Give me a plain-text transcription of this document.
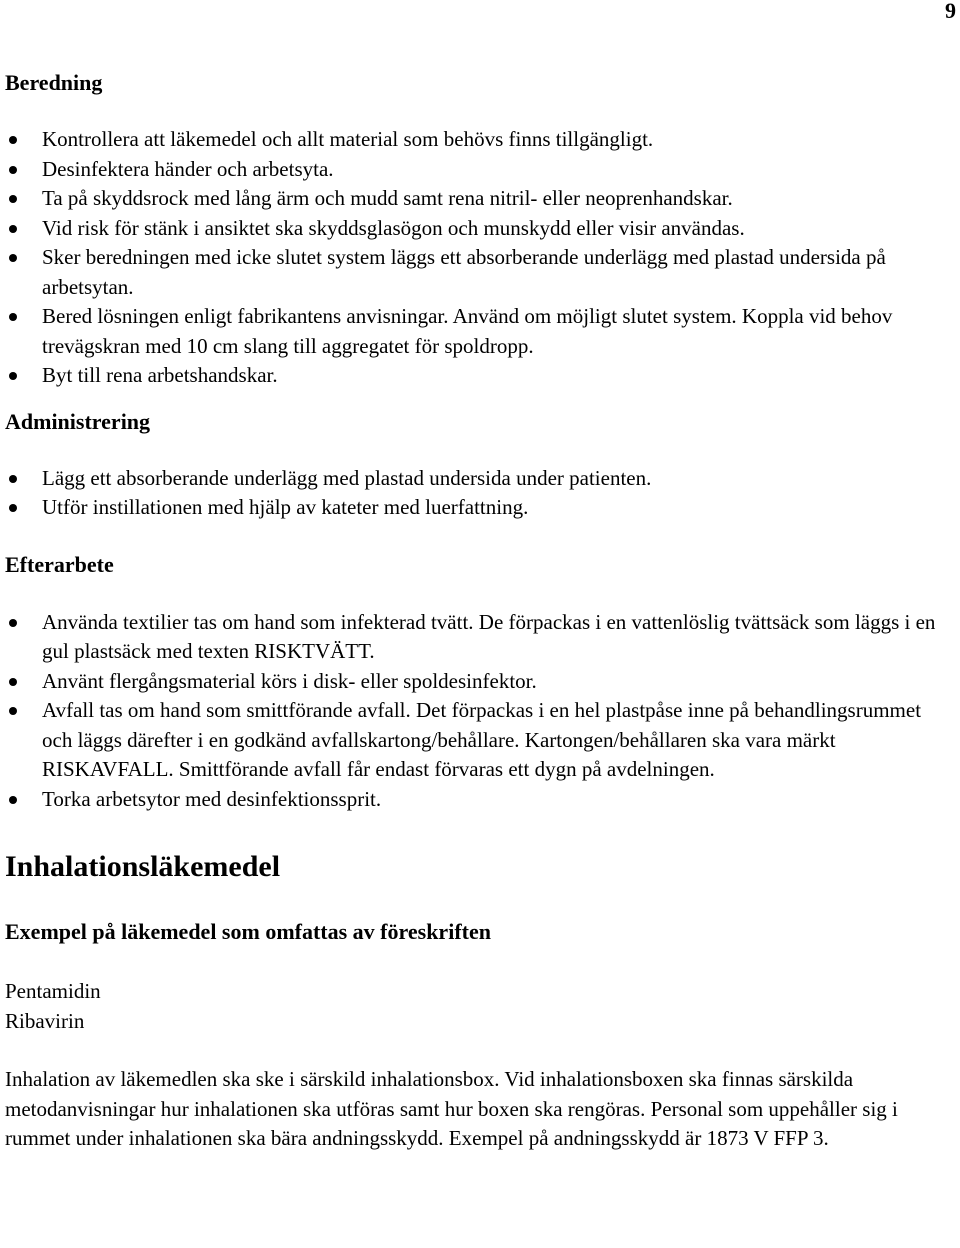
9
Beredning
Kontrollera att läkemedel och allt material som behövs finns tillgängligt.
Desinfektera händer och arbetsyta.
Ta på skyddsrock med lång ärm och mudd samt rena nitril- eller neoprenhandskar.
Vid risk för stänk i ansiktet ska skyddsglasögon och munskydd eller visir användas.
Sker beredningen med icke slutet system läggs ett absorberande underlägg med plastad undersida på arbetsytan.
Bered lösningen enligt fabrikantens anvisningar. Använd om möjligt slutet system. Koppla vid behov trevägskran med 10 cm slang till aggregatet för spoldropp.
Byt till rena arbetshandskar.
Administrering
Lägg ett absorberande underlägg med plastad undersida under patienten.
Utför instillationen med hjälp av kateter med luerfattning.
Efterarbete
Använda textilier tas om hand som infekterad tvätt. De förpackas i en vattenlöslig tvättsäck som läggs i en gul plastsäck med texten RISKTVÄTT.
Använt flergångsmaterial körs i disk- eller spoldesinfektor.
Avfall tas om hand som smittförande avfall. Det förpackas i en hel plastpåse inne på behandlingsrummet och läggs därefter i en godkänd avfallskartong/behållare. Kartongen/behållaren ska vara märkt RISKAVFALL. Smittförande avfall får endast förvaras ett dygn på avdelningen.
Torka arbetsytor med desinfektionssprit.
Inhalationsläkemedel
Exempel på läkemedel som omfattas av föreskriften
Pentamidin
Ribavirin

Inhalation av läkemedlen ska ske i särskild inhalationsbox. Vid inhalationsboxen ska finnas särskilda metodanvisningar hur inhalationen ska utföras samt hur boxen ska rengöras. Personal som uppehåller sig i rummet under inhalationen ska bära andningsskydd. Exempel på andningsskydd är 1873 V FFP 3.
